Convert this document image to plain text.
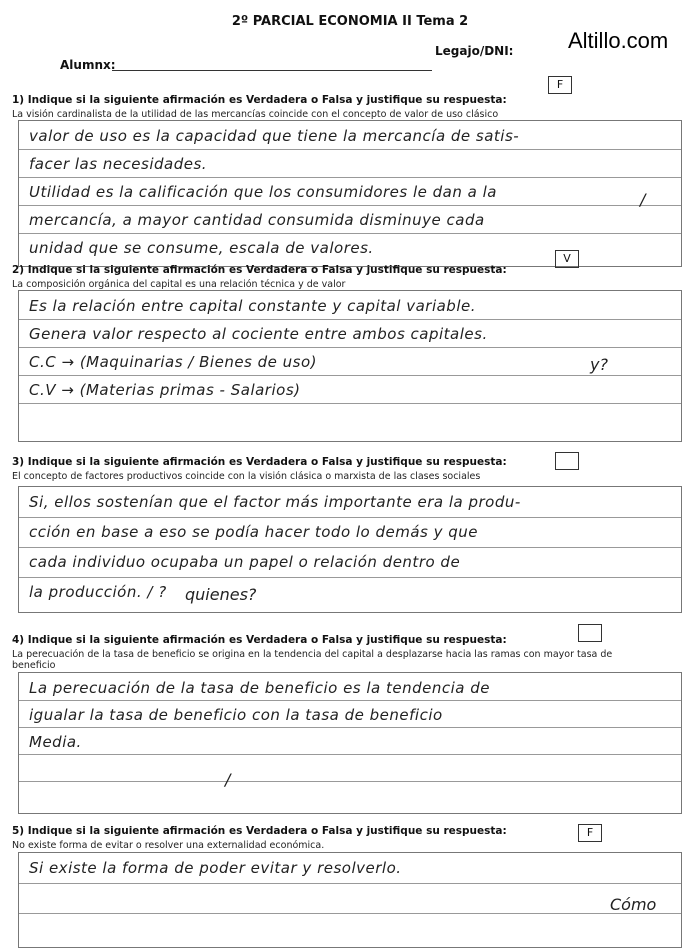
2º PARCIAL ECONOMIA II Tema 2
Altillo.com
Alumnx:
Legajo/DNI:
1) Indique si la siguiente afirmación es Verdadera o Falsa y justifique su respuesta:
La visión cardinalista de la utilidad de las mercancías coincide con el concepto de valor de uso clásico
F
valor de uso es la capacidad que tiene la mercancía de satis-
facer las necesidades.
Utilidad es la calificación que los consumidores le dan a la
mercancía, a mayor cantidad consumida disminuye cada
unidad que se consume, escala de valores.
/
2) Indique si la siguiente afirmación es Verdadera o Falsa y justifique su respuesta:
La composición orgánica del capital es una relación técnica y de valor
V
Es la relación entre capital constante y capital variable.
Genera valor respecto al cociente entre ambos capitales.
C.C → (Maquinarias / Bienes de uso)
C.V → (Materias primas - Salarios)
y?
3) Indique si la siguiente afirmación es Verdadera o Falsa y justifique su respuesta:
El concepto de factores productivos coincide con la visión clásica o marxista de las clases sociales
Si, ellos sostenían que el factor más importante era la produ-
cción en base a eso se podía hacer todo lo demás y que
cada individuo ocupaba un papel o relación dentro de
la producción. / ? quienes?
4) Indique si la siguiente afirmación es Verdadera o Falsa y justifique su respuesta:
La perecuación de la tasa de beneficio se origina en la tendencia del capital a desplazarse hacia las ramas con mayor tasa de beneficio
La perecuación de la tasa de beneficio es la tendencia de
igualar la tasa de beneficio con la tasa de beneficio
Media.
/
5) Indique si la siguiente afirmación es Verdadera o Falsa y justifique su respuesta:
No existe forma de evitar o resolver una externalidad económica.
F
Si existe la forma de poder evitar y resolverlo.
Cómo
